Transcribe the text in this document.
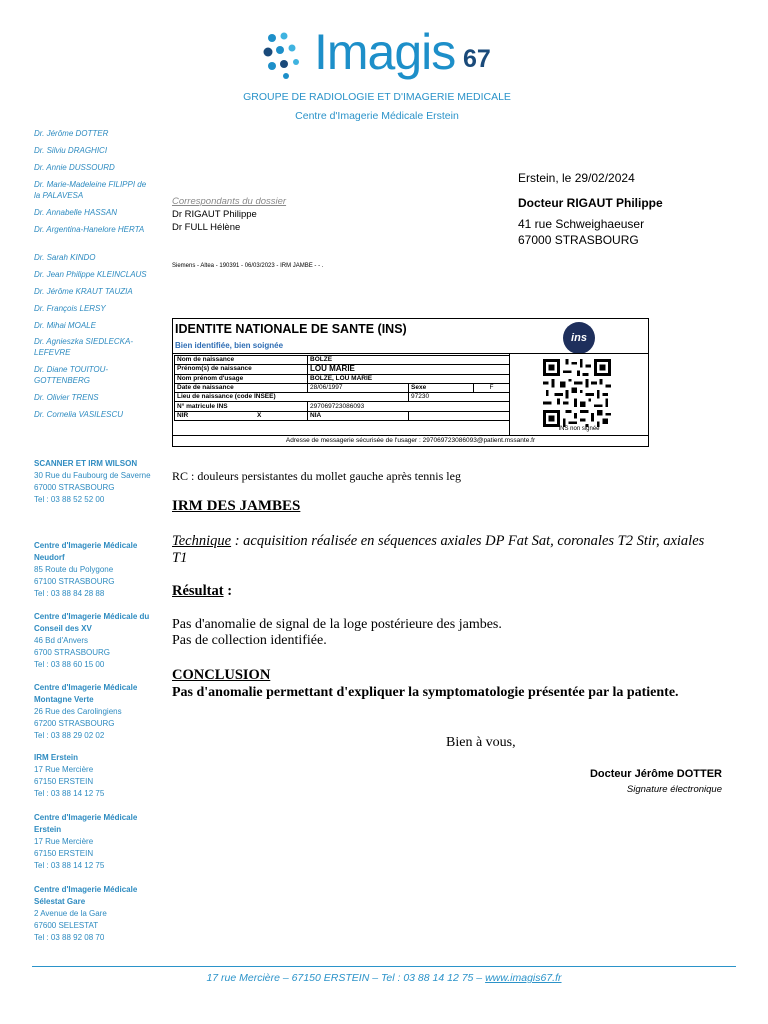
Imagis 67
GROUPE DE RADIOLOGIE ET D'IMAGERIE MEDICALE
Centre d'Imagerie Médicale Erstein
Dr. Jérôme DOTTER
Dr. Silviu DRAGHICI
Dr. Annie DUSSOURD
Dr. Marie-Madeleine FILIPPI de la PALAVESA
Dr. Annabelle HASSAN
Dr. Argentina-Hanelore HERTA
Dr. Sarah KINDO
Dr. Jean Philippe KLEINCLAUS
Dr. Jérôme KRAUT TAUZIA
Dr. François LERSY
Dr. Mihai MOALE
Dr. Agnieszka SIEDLECKA-LEFEVRE
Dr. Diane TOUITOU-GOTTENBERG
Dr. Olivier TRENS
Dr. Cornelia VASILESCU
SCANNER ET IRM WILSON
30 Rue du Faubourg de Saverne
67000 STRASBOURG
Tel : 03 88 52 52 00
Centre d'Imagerie Médicale Neudorf
85 Route du Polygone
67100 STRASBOURG
Tel : 03 88 84 28 88
Centre d'Imagerie Médicale du Conseil des XV
46 Bd d'Anvers
6700 STRASBOURG
Tel : 03 88 60 15 00
Centre d'Imagerie Médicale Montagne Verte
26 Rue des Carolingiens
67200 STRASBOURG
Tel : 03 88 29 02 02
IRM Erstein
17 Rue Mercière
67150 ERSTEIN
Tel : 03 88 14 12 75
Centre d'Imagerie Médicale Erstein
17 Rue Mercière
67150 ERSTEIN
Tel : 03 88 14 12 75
Centre d'Imagerie Médicale Sélestat Gare
2 Avenue de la Gare
67600 SELESTAT
Tel : 03 88 92 08 70
Erstein, le 29/02/2024
Docteur RIGAUT Philippe
41 rue Schweighaeuser
67000 STRASBOURG
Correspondants du dossier
Dr RIGAUT Philippe
Dr FULL Hélène
Siemens - Altea - 190391 - 06/03/2023 - IRM JAMBE - - .
IDENTITE NATIONALE DE SANTE (INS)
Bien identifiée, bien soignée
ins
Nom de naissance	BOLZE		
Prénom(s) de naissance	LOU MARIE		
Nom prénom d'usage	BOLZE, LOU MARIE		
Date de naissance	28/06/1997	Sexe	F
Lieu de naissance (code INSEE)		97230	
N° matricule INS	297069723086093		
NIR X	NIA		
INS non signée
Adresse de messagerie sécurisée de l'usager : 297069723086093@patient.mssante.fr
RC : douleurs persistantes du mollet gauche après tennis leg
IRM DES JAMBES
Technique : acquisition réalisée en séquences axiales DP Fat Sat, coronales T2 Stir, axiales T1
Résultat :
Pas d'anomalie de signal de la loge postérieure des jambes.
Pas de collection identifiée.
CONCLUSION
Pas d'anomalie permettant d'expliquer la symptomatologie présentée par la patiente.
Bien à vous,
Docteur Jérôme DOTTER
Signature électronique
17 rue Mercière – 67150 ERSTEIN – Tel : 03 88 14 12 75 – www.imagis67.fr
